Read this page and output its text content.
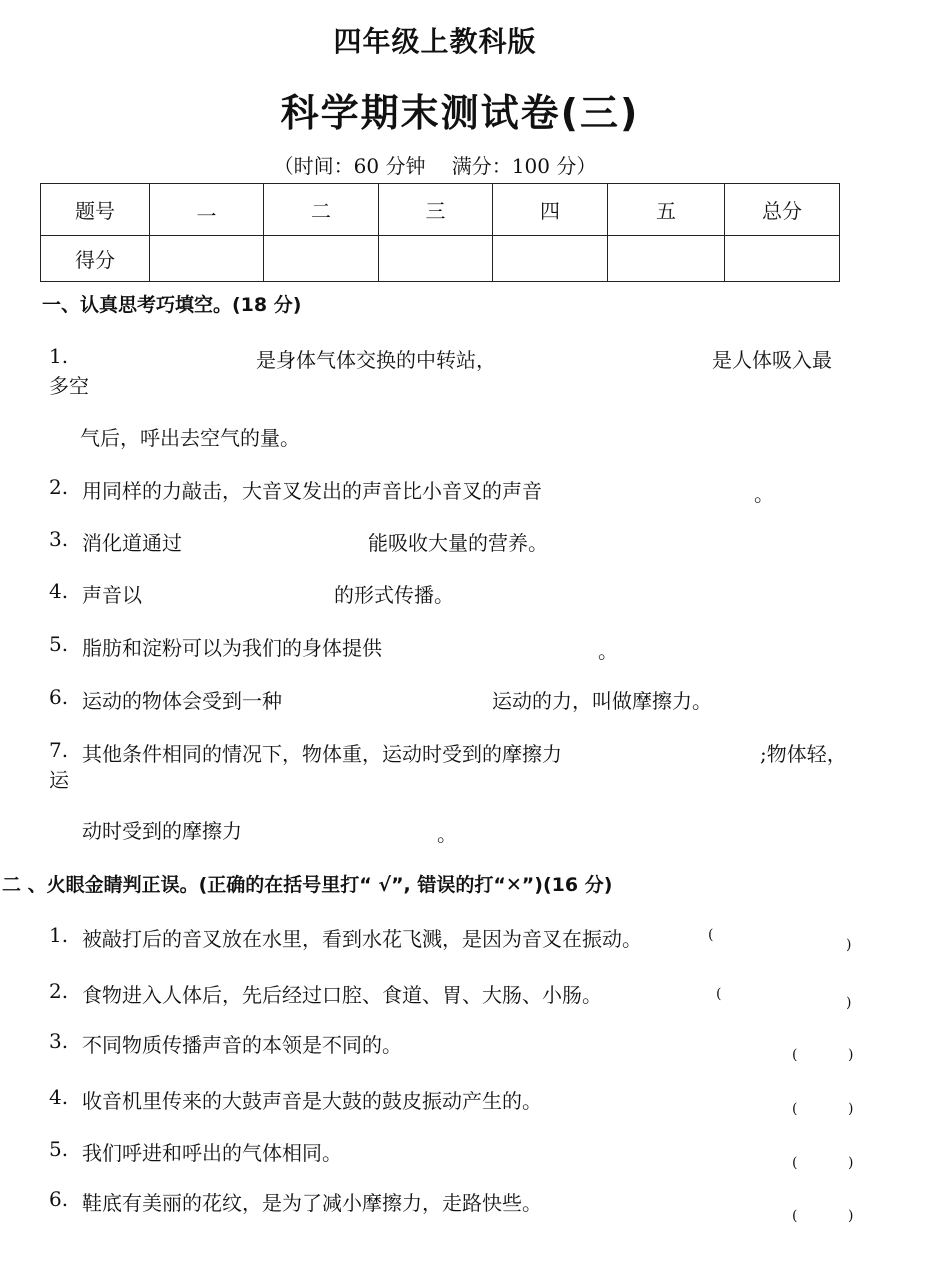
四年级上教科版
科学期末测试卷(三)
（时间：60 分钟　 满分：100 分）
题号	一	二	三	四	五	总分
得分						
一、认真思考巧填空。(18 分)
1.	是身体气体交换的中转站，	是人体吸入最
多空
气后，呼出去空气的量。
2. 用同样的力敲击，大音叉发出的声音比小音叉的声音	。
3. 消化道通过	能吸收大量的营养。
4. 声音以	的形式传播。
5. 脂肪和淀粉可以为我们的身体提供	。
6. 运动的物体会受到一种	运动的力，叫做摩擦力。
7. 其他条件相同的情况下，物体重，运动时受到的摩擦力	;物体轻，
运
动时受到的摩擦力	。
二 、火眼金睛判正误。(正确的在括号里打“ √”, 错误的打“✕”)(16 分)
1. 被敲打后的音叉放在水里，看到水花飞溅，是因为音叉在振动。	(
)
2. 食物进入人体后，先后经过口腔、食道、胃、大肠、小肠。	(
)
3. 不同物质传播声音的本领是不同的。	(	)
4. 收音机里传来的大鼓声音是大鼓的鼓皮振动产生的。	(	)
5. 我们呼进和呼出的气体相同。	(	)
6. 鞋底有美丽的花纹，是为了减小摩擦力，走路快些。
(	)
